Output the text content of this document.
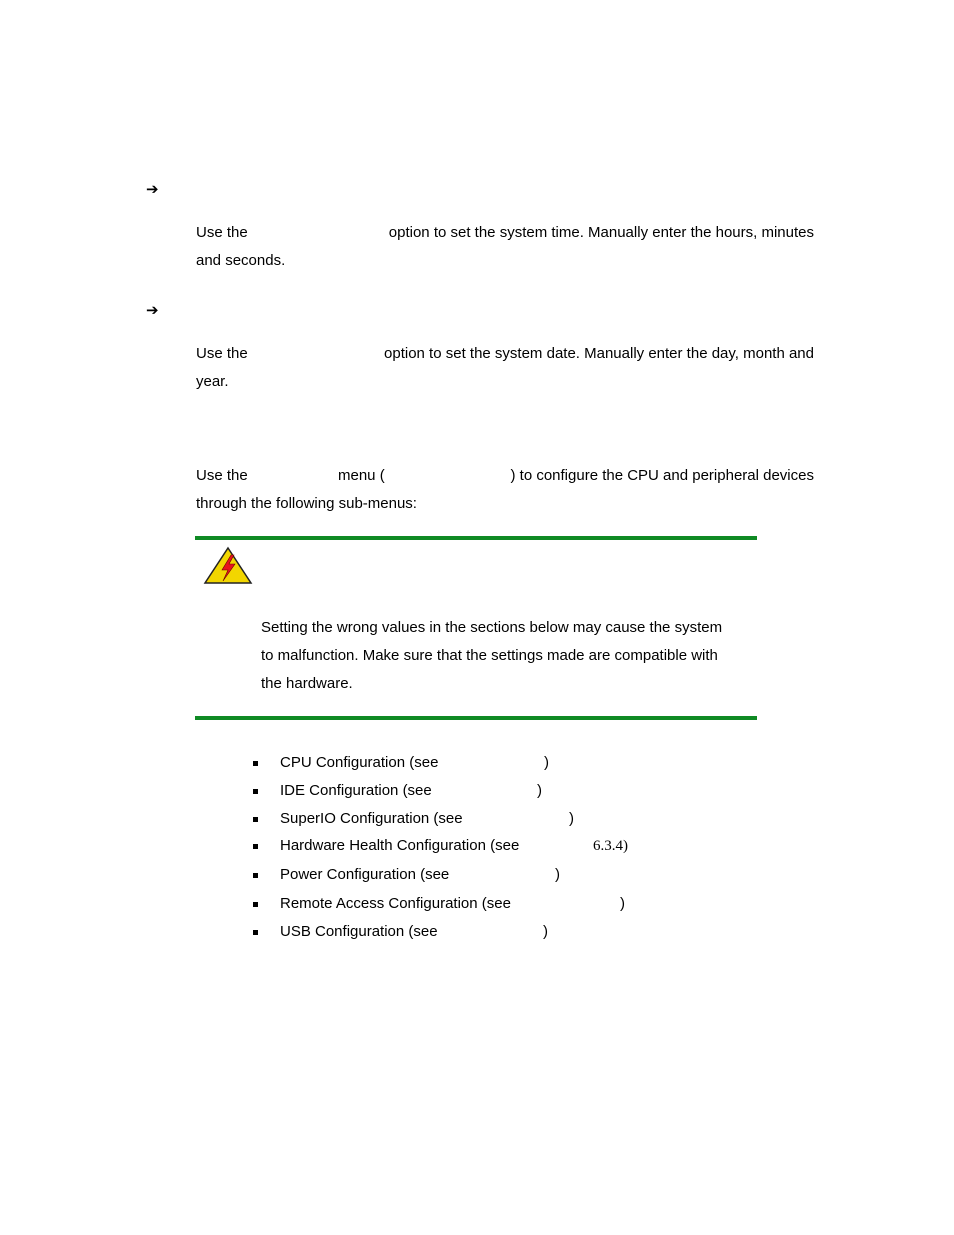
➔
Use the	option to set the system time. Manually enter the hours, minutes
and seconds.
➔
Use the	option to set the system date. Manually enter the day, month and
year.
Use the	menu (	) to configure the CPU and peripheral devices
through the following sub-menus:
Setting the wrong values in the sections below may cause the system
to malfunction. Make sure that the settings made are compatible with
the hardware.
CPU Configuration (see	)
IDE Configuration (see	)
SuperIO Configuration (see	)
Hardware Health Configuration (see	6.3.4)
Power Configuration (see	)
Remote Access Configuration (see	)
USB Configuration (see	)
